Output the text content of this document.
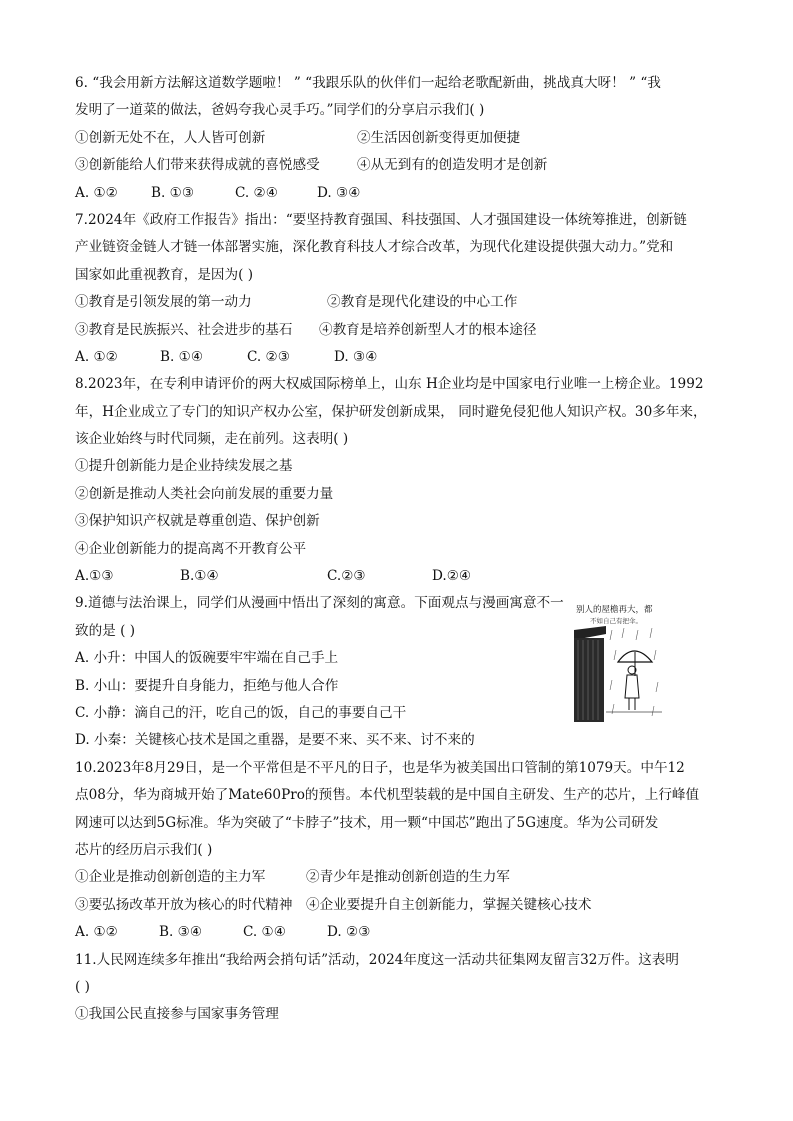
6. “我会用新方法解这道数学题啦！ ” “我跟乐队的伙伴们一起给老歌配新曲，挑战真大呀！ ” “我
发明了一道菜的做法，爸妈夸我心灵手巧。”同学们的分享启示我们( )
①创新无处不在，人人皆可创新	②生活因创新变得更加便捷
③创新能给人们带来获得成就的喜悦感受	④从无到有的创造发明才是创新
A. ①②	B. ①③	C. ②④	D. ③④
7.2024年《政府工作报告》指出：“要坚持教育强国、科技强国、人才强国建设一体统筹推进，创新链
产业链资金链人才链一体部署实施，深化教育科技人才综合改革，为现代化建设提供强大动力。”党和
国家如此重视教育，是因为( )
①教育是引领发展的第一动力	②教育是现代化建设的中心工作
③教育是民族振兴、社会进步的基石	④教育是培养创新型人才的根本途径
A. ①②	B. ①④	C. ②③	D. ③④
8.2023年，在专利申请评价的两大权威国际榜单上，山东 H企业均是中国家电行业唯一上榜企业。1992
年，H企业成立了专门的知识产权办公室，保护研发创新成果， 同时避免侵犯他人知识产权。30多年来，
该企业始终与时代同频，走在前列。这表明( )
①提升创新能力是企业持续发展之基
②创新是推动人类社会向前发展的重要力量
③保护知识产权就是尊重创造、保护创新
④企业创新能力的提高离不开教育公平
A.①③	B.①④	C.②③	D.②④
9.道德与法治课上，同学们从漫画中悟出了深刻的寓意。下面观点与漫画寓意不一
致的是 ( )
A. 小升：中国人的饭碗要牢牢端在自己手上
B. 小山：要提升自身能力，拒绝与他人合作
C. 小静：滴自己的汗，吃自己的饭，自己的事要自己干
D. 小秦：关键核心技术是国之重器，是要不来、买不来、讨不来的
10.2023年8月29日，是一个平常但是不平凡的日子，也是华为被美国出口管制的第1079天。中午12
点08分，华为商城开始了Mate60Pro的预售。本代机型装载的是中国自主研发、生产的芯片，上行峰值
网速可以达到5G标准。华为突破了“卡脖子”技术，用一颗“中国芯”跑出了5G速度。华为公司研发
芯片的经历启示我们( )
①企业是推动创新创造的主力军	②青少年是推动创新创造的生力军
③要弘扬改革开放为核心的时代精神 ④企业要提升自主创新能力，掌握关键核心技术
A. ①②	B. ③④	C. ①④	D. ②③
11.人民网连续多年推出“我给两会捎句话”活动，2024年度这一活动共征集网友留言32万件。这表明
( )
①我国公民直接参与国家事务管理
别人的屋檐再大，都
不如自己有把伞。
